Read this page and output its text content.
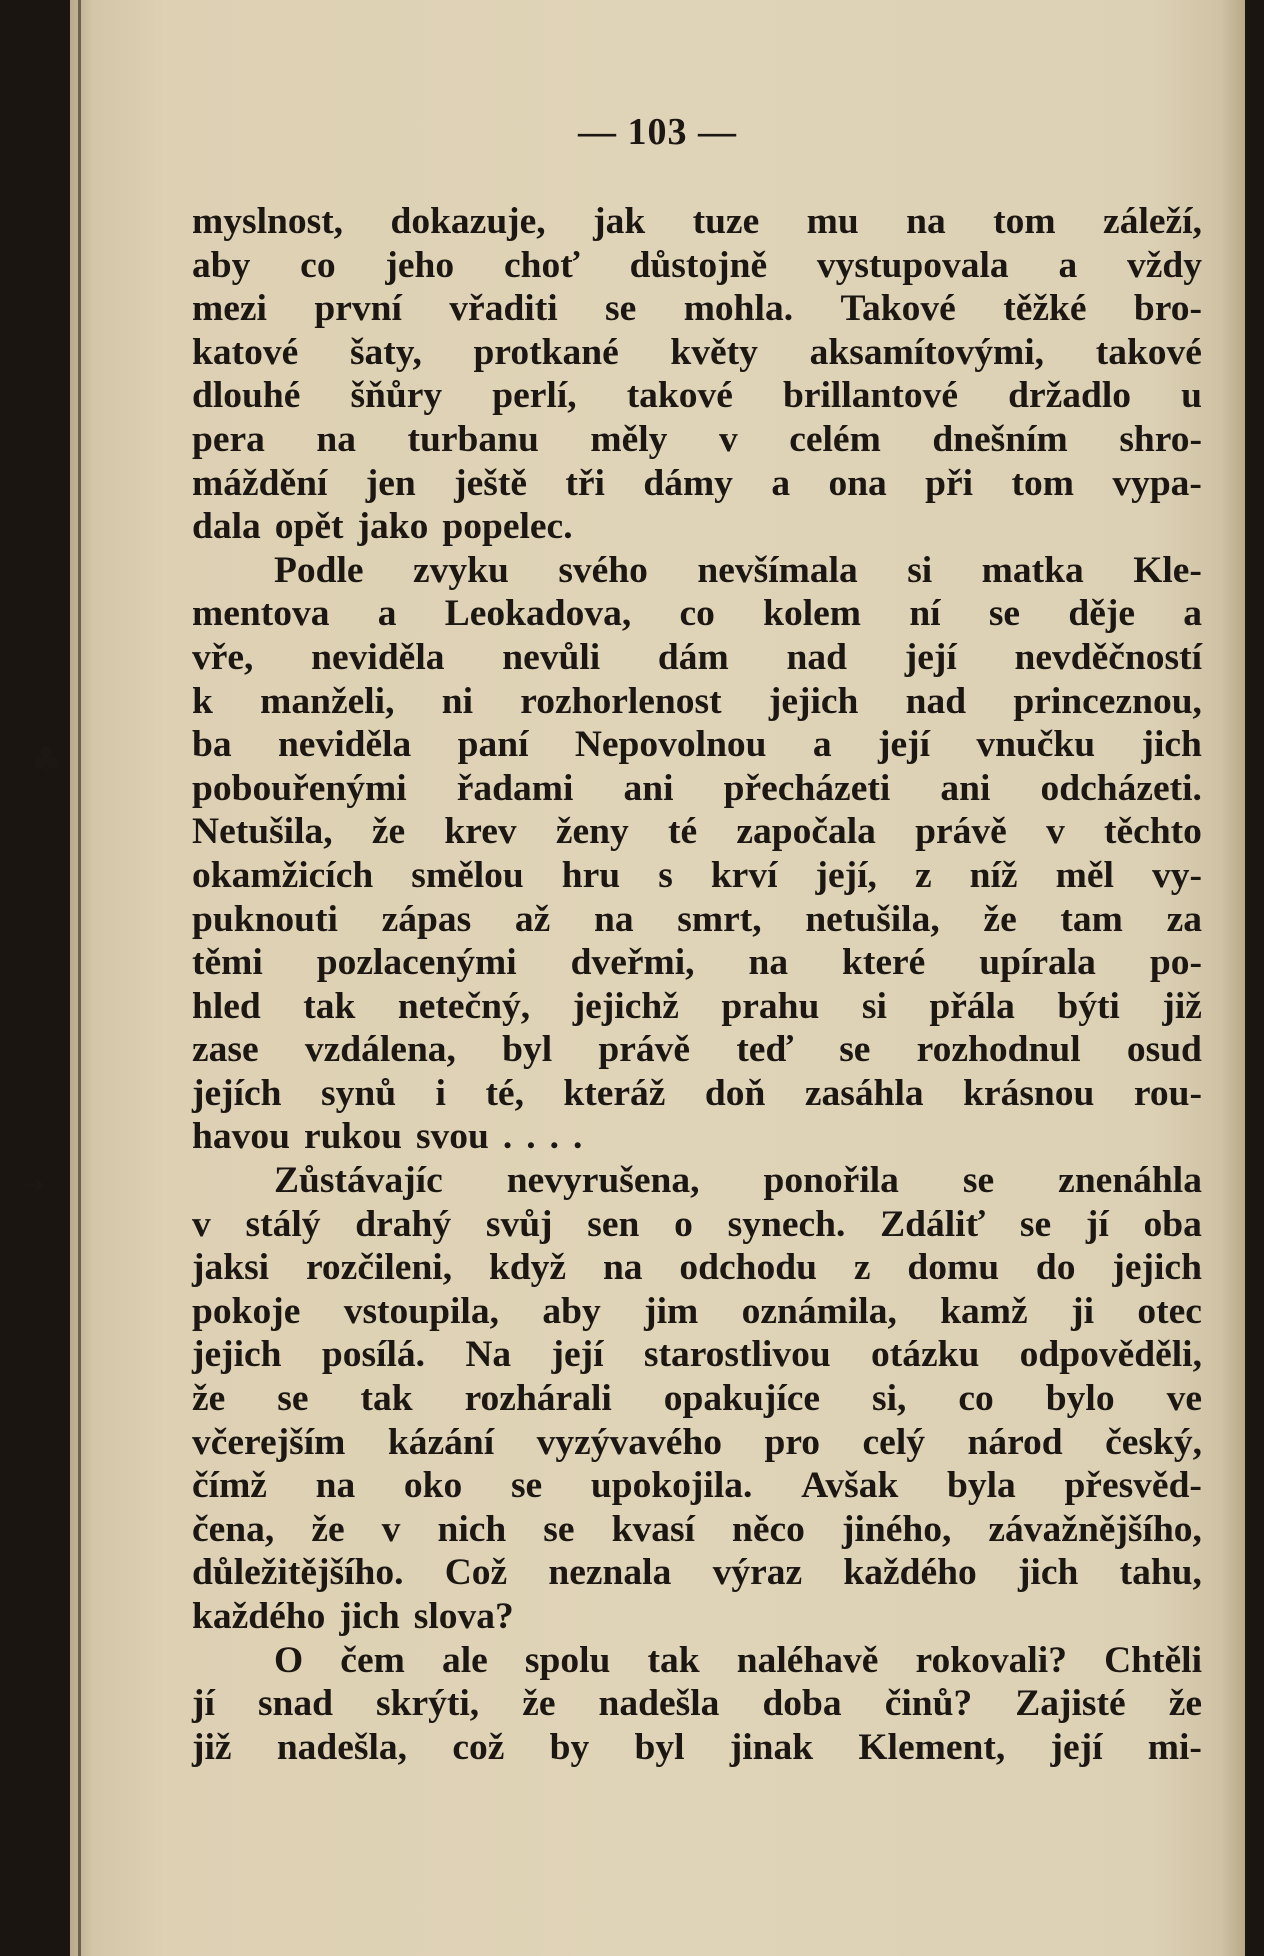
— 103 —
myslnost, dokazuje, jak tuze mu na tom záleží,
aby co jeho choť důstojně vystupovala a vždy
mezi první vřaditi se mohla. Takové těžké bro-
katové šaty, protkané květy aksamítovými, takové
dlouhé šňůry perlí, takové brillantové držadlo u
pera na turbanu měly v celém dnešním shro-
máždění jen ještě tři dámy a ona při tom vypa-
dala opět jako popelec.
Podle zvyku svého nevšímala si matka Kle-
mentova a Leokadova, co kolem ní se děje a
vře, neviděla nevůli dám nad její nevděčností
k manželi, ni rozhorlenost jejich nad princeznou,
ba neviděla paní Nepovolnou a její vnučku jich
pobouřenými řadami ani přecházeti ani odcházeti.
Netušila, že krev ženy té započala právě v těchto
okamžicích smělou hru s krví její, z níž měl vy-
puknouti zápas až na smrt, netušila, že tam za
těmi pozlacenými dveřmi, na které upírala po-
hled tak netečný, jejichž prahu si přála býti již
zase vzdálena, byl právě teď se rozhodnul osud
jejích synů i té, kteráž doň zasáhla krásnou rou-
havou rukou svou . . . .
Zůstávajíc nevyrušena, ponořila se znenáhla
v stálý drahý svůj sen o synech. Zdáliť se jí oba
jaksi rozčileni, když na odchodu z domu do jejich
pokoje vstoupila, aby jim oznámila, kamž ji otec
jejich posílá. Na její starostlivou otázku odpověděli,
že se tak rozhárali opakujíce si, co bylo ve
včerejším kázání vyzývavého pro celý národ český,
čímž na oko se upokojila. Avšak byla přesvěd-
čena, že v nich se kvasí něco jiného, závažnějšího,
důležitějšího. Což neznala výraz každého jich tahu,
každého jich slova?
O čem ale spolu tak naléhavě rokovali? Chtěli
jí snad skrýti, že nadešla doba činů? Zajisté že
již nadešla, což by byl jinak Klement, její mi-
♣
➜
